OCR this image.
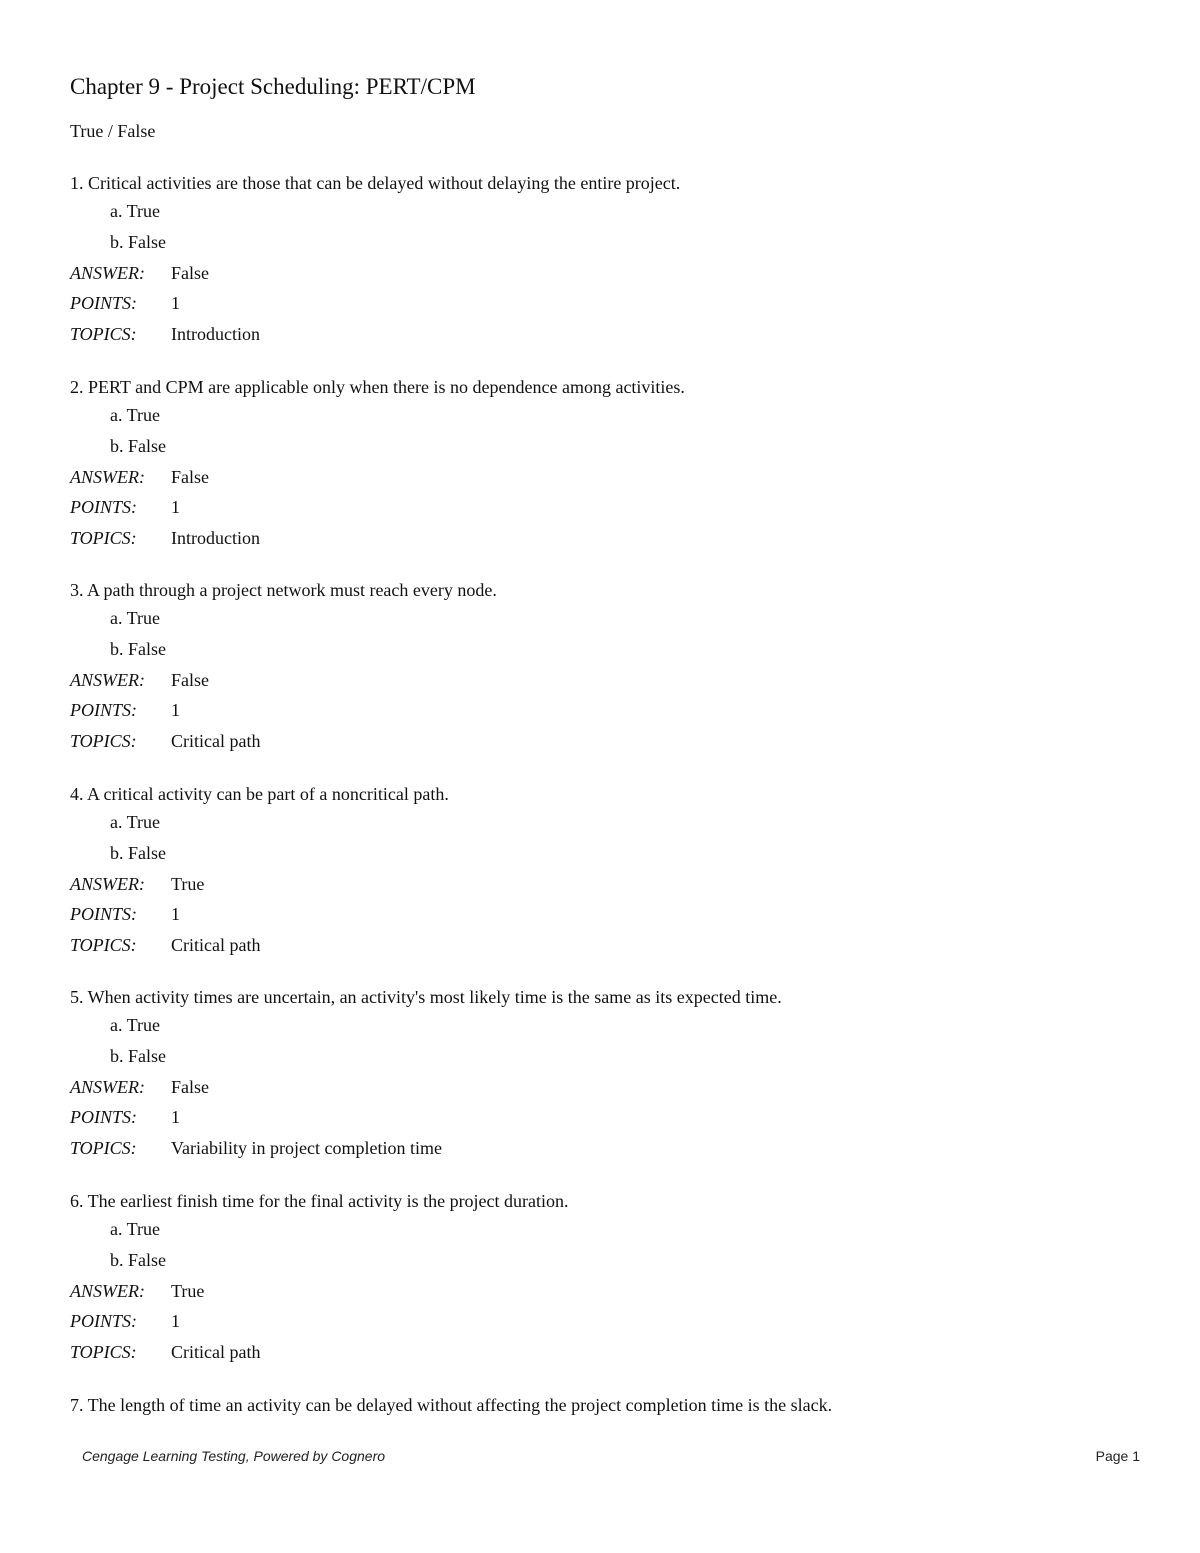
Chapter 9 - Project Scheduling: PERT/CPM
True / False
1. Critical activities are those that can be delayed without delaying the entire project.
a. True
b. False
ANSWER:	False
POINTS:	1
TOPICS:	Introduction
2. PERT and CPM are applicable only when there is no dependence among activities.
a. True
b. False
ANSWER:	False
POINTS:	1
TOPICS:	Introduction
3. A path through a project network must reach every node.
a. True
b. False
ANSWER:	False
POINTS:	1
TOPICS:	Critical path
4. A critical activity can be part of a noncritical path.
a. True
b. False
ANSWER:	True
POINTS:	1
TOPICS:	Critical path
5. When activity times are uncertain, an activity's most likely time is the same as its expected time.
a. True
b. False
ANSWER:	False
POINTS:	1
TOPICS:	Variability in project completion time
6. The earliest finish time for the final activity is the project duration.
a. True
b. False
ANSWER:	True
POINTS:	1
TOPICS:	Critical path
7. The length of time an activity can be delayed without affecting the project completion time is the slack.
Cengage Learning Testing, Powered by Cognero	Page 1
